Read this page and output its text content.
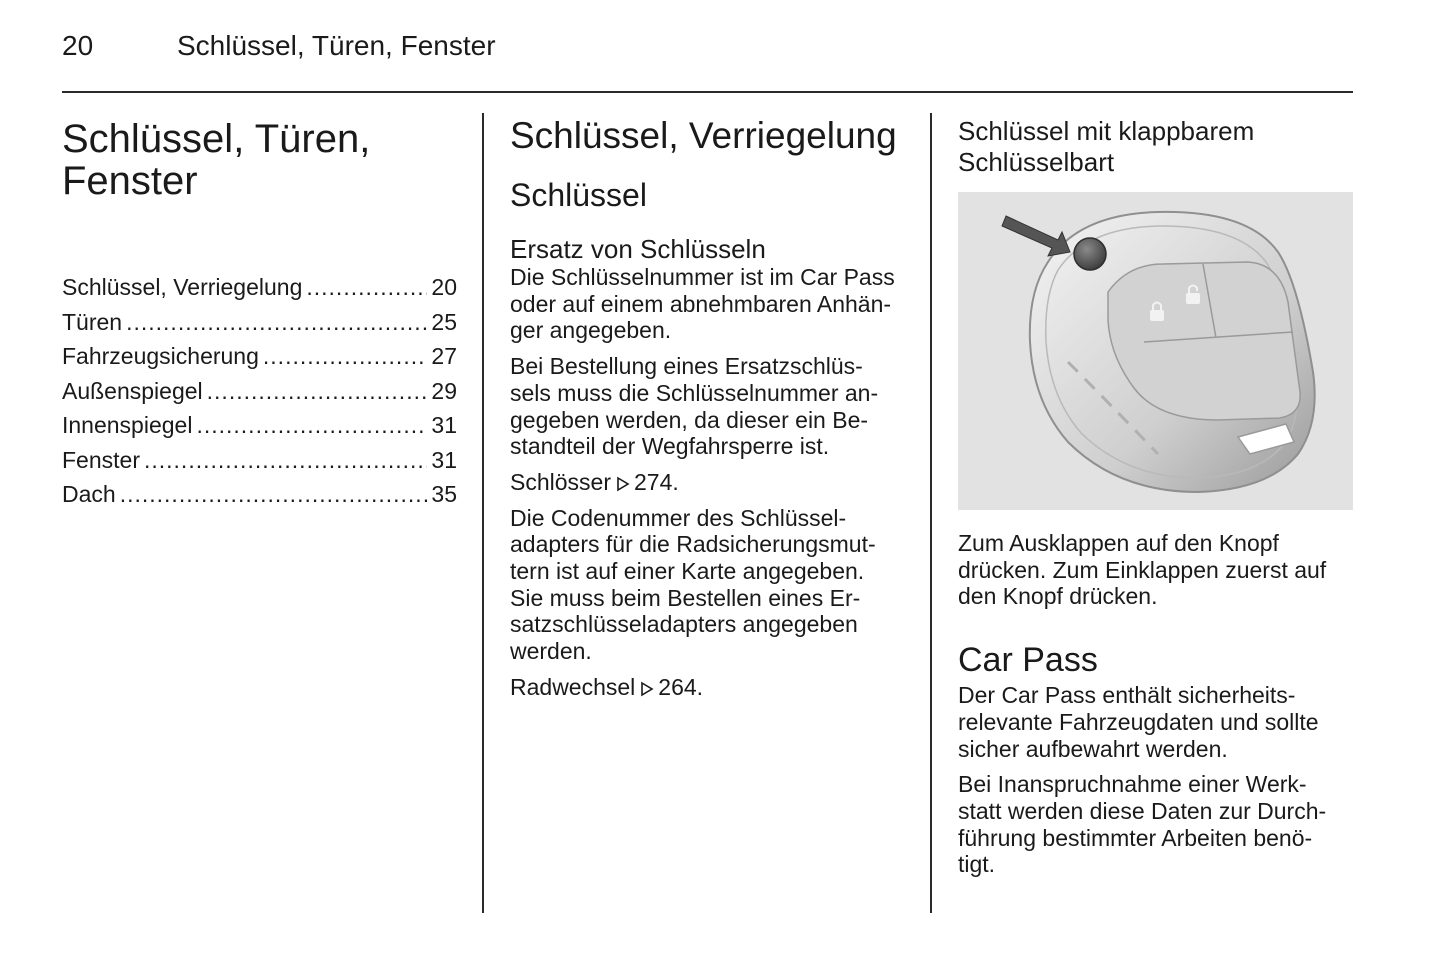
20	Schlüssel, Türen, Fenster
Schlüssel, Türen,
Fenster
Schlüssel, Verriegelung .....	20
Türen .....	25
Fahrzeugsicherung .....	27
Außenspiegel .....	29
Innenspiegel .....	31
Fenster .....	31
Dach .....	35
Schlüssel, Verriegelung
Schlüssel
Ersatz von Schlüsseln

Die Schlüsselnummer ist im Car Pass
oder auf einem abnehmbaren Anhän-
ger angegeben.

Bei Bestellung eines Ersatzschlüs-
sels muss die Schlüsselnummer an-
gegeben werden, da dieser ein Be-
standteil der Wegfahrsperre ist.

Schlösser 274.

Die Codenummer des Schlüssel-
adapters für die Radsicherungsmut-
tern ist auf einer Karte angegeben.
Sie muss beim Bestellen eines Er-
satzschlüsseladapters angegeben
werden.

Radwechsel 264.

Schlüssel mit klappbarem
Schlüsselbart

Zum Ausklappen auf den Knopf
drücken. Zum Einklappen zuerst auf
den Knopf drücken.

Car Pass

Der Car Pass enthält sicherheits-
relevante Fahrzeugdaten und sollte
sicher aufbewahrt werden.

Bei Inanspruchnahme einer Werk-
statt werden diese Daten zur Durch-
führung bestimmter Arbeiten benö-
tigt.
